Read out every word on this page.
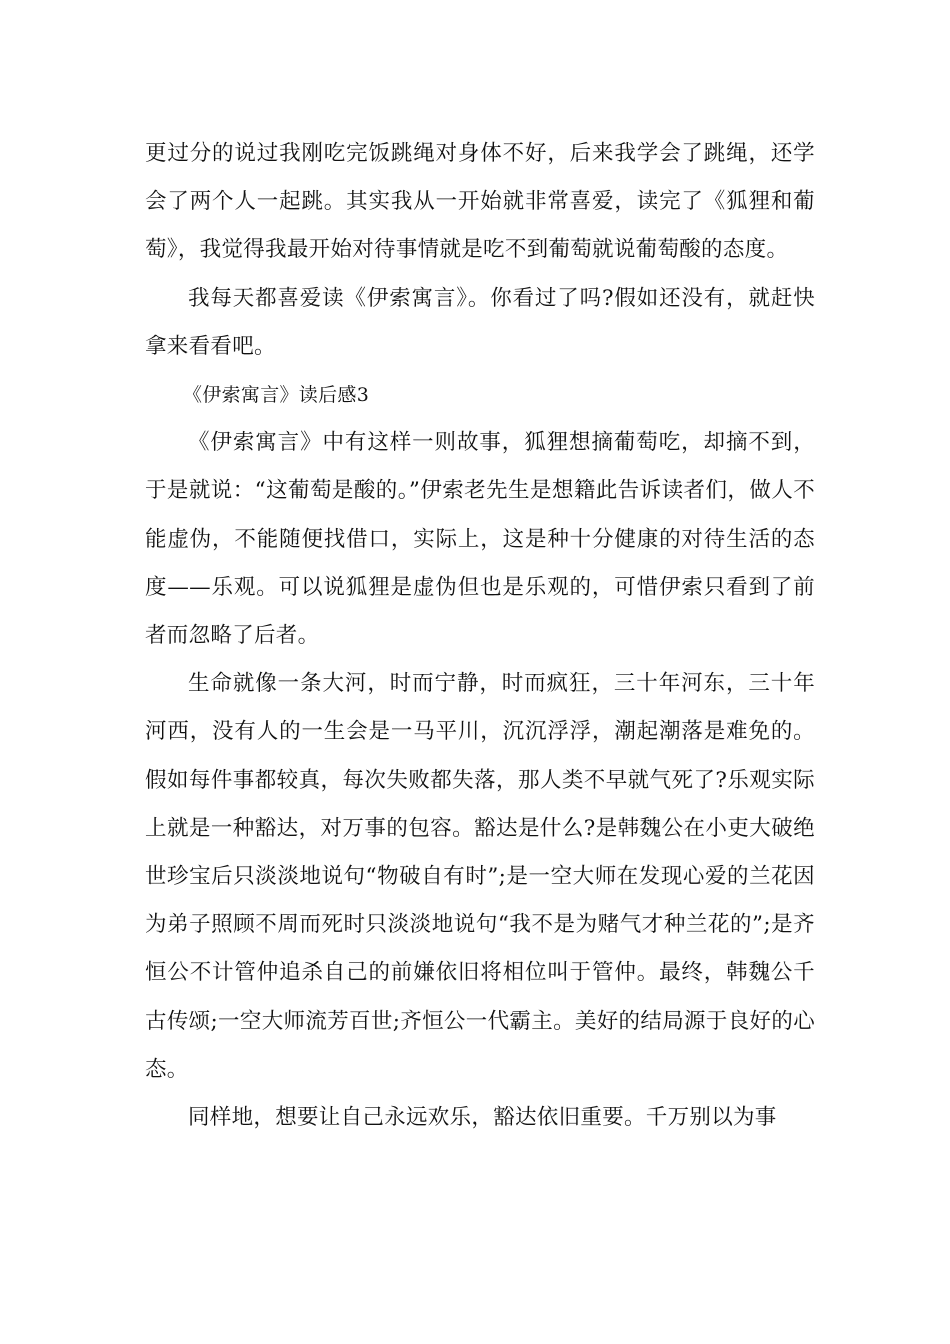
更过分的说过我刚吃完饭跳绳对身体不好，后来我学会了跳绳，还学会了两个人一起跳。其实我从一开始就非常喜爱，读完了《狐狸和葡萄》，我觉得我最开始对待事情就是吃不到葡萄就说葡萄酸的态度。

我每天都喜爱读《伊索寓言》。你看过了吗?假如还没有，就赶快拿来看看吧。

《伊索寓言》读后感3

《伊索寓言》中有这样一则故事，狐狸想摘葡萄吃，却摘不到，于是就说：“这葡萄是酸的。”伊索老先生是想籍此告诉读者们，做人不能虚伪，不能随便找借口，实际上，这是种十分健康的对待生活的态度——乐观。可以说狐狸是虚伪但也是乐观的，可惜伊索只看到了前者而忽略了后者。

生命就像一条大河，时而宁静，时而疯狂，三十年河东，三十年河西，没有人的一生会是一马平川，沉沉浮浮，潮起潮落是难免的。假如每件事都较真，每次失败都失落，那人类不早就气死了?乐观实际上就是一种豁达，对万事的包容。豁达是什么?是韩魏公在小吏大破绝世珍宝后只淡淡地说句“物破自有时”;是一空大师在发现心爱的兰花因为弟子照顾不周而死时只淡淡地说句“我不是为赌气才种兰花的”;是齐恒公不计管仲追杀自己的前嫌依旧将相位叫于管仲。最终，韩魏公千古传颂;一空大师流芳百世;齐恒公一代霸主。美好的结局源于良好的心态。

同样地，想要让自己永远欢乐，豁达依旧重要。千万别以为事
